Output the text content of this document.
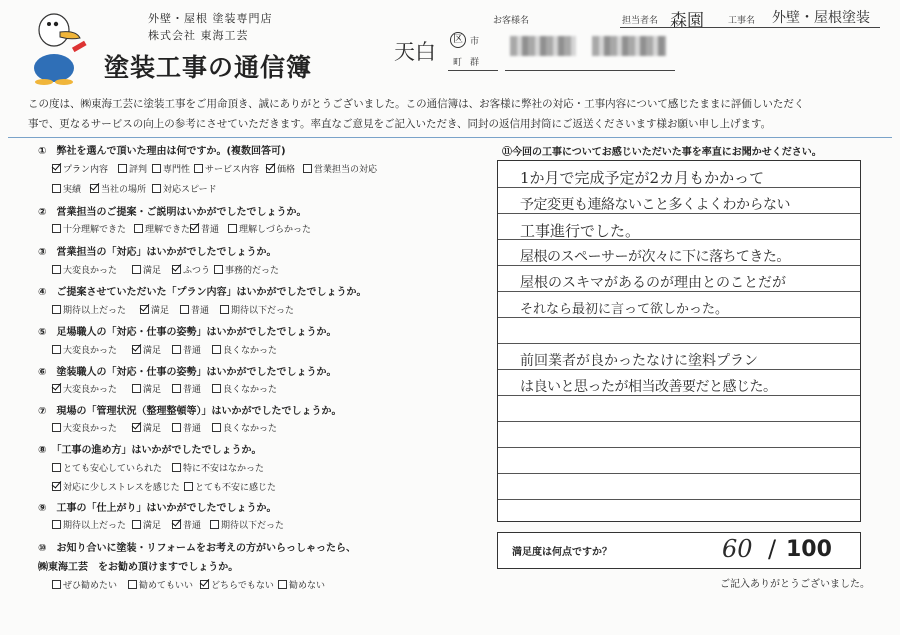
外壁・屋根 塗装専門店
株式会社 東海工芸
塗装工事の通信簿
天白
区 市
町 群
お客様名	担当者名 森園	工事名 外壁・屋根塗装
この度は、㈱東海工芸に塗装工事をご用命頂き、誠にありがとうございました。この通信簿は、お客様に弊社の対応・工事内容について感じたままに評価しいただく
事で、更なるサービスの向上の参考にさせていただきます。率直なご意見をご記入いただき、同封の返信用封筒にご返送くださいます様お願い申し上げます。
①　弊社を選んで頂いた理由は何ですか。(複数回答可)
プラン内容 評判 専門性 サービス内容 価格 営業担当の対応
実績 当社の場所 対応スピード
②　営業担当のご提案・ご説明はいかがでしたでしょうか。
十分理解できた 理解できた 普通 理解しづらかった
③　営業担当の「対応」はいかがでしたでしょうか。
大変良かった	満足 ふつう 事務的だった
④　ご提案させていただいた「プラン内容」はいかがでしたでしょうか。
期待以上だった	満足 普通 期待以下だった
⑤　足場職人の「対応・仕事の姿勢」はいかがでしたでしょうか。
大変良かった	満足 普通 良くなかった
⑥　塗装職人の「対応・仕事の姿勢」はいかがでしたでしょうか。
大変良かった	満足 普通 良くなかった
⑦　現場の「管理状況（整理整頓等）」はいかがでしたでしょうか。
大変良かった	満足 普通 良くなかった
⑧　「工事の進め方」はいかがでしたでしょうか。
とても安心していられた 特に不安はなかった
対応に少しストレスを感じた とても不安に感じた
⑨　工事の「仕上がり」はいかがでしたでしょうか。
期待以上だった 満足 普通 期待以下だった
⑩　お知り合いに塗装・リフォームをお考えの方がいらっしゃったら、
㈱東海工芸　をお勧め頂けますでしょうか。
ぜひ勧めたい 勧めてもいい どちらでもない 勧めない
⑪今回の工事についてお感じいただいた事を率直にお聞かせください。
1か月で完成予定が2カ月もかかって
予定変更も連絡ないこと多くよくわからない
工事進行でした。
屋根のスペーサーが次々に下に落ちてきた。
屋根のスキマがあるのが理由とのことだが
それなら最初に言って欲しかった。
前回業者が良かったなけに塗料プラン
は良いと思ったが相当改善要だと感じた。
満足度は何点ですか？	60 / 100
ご記入ありがとうございました。
